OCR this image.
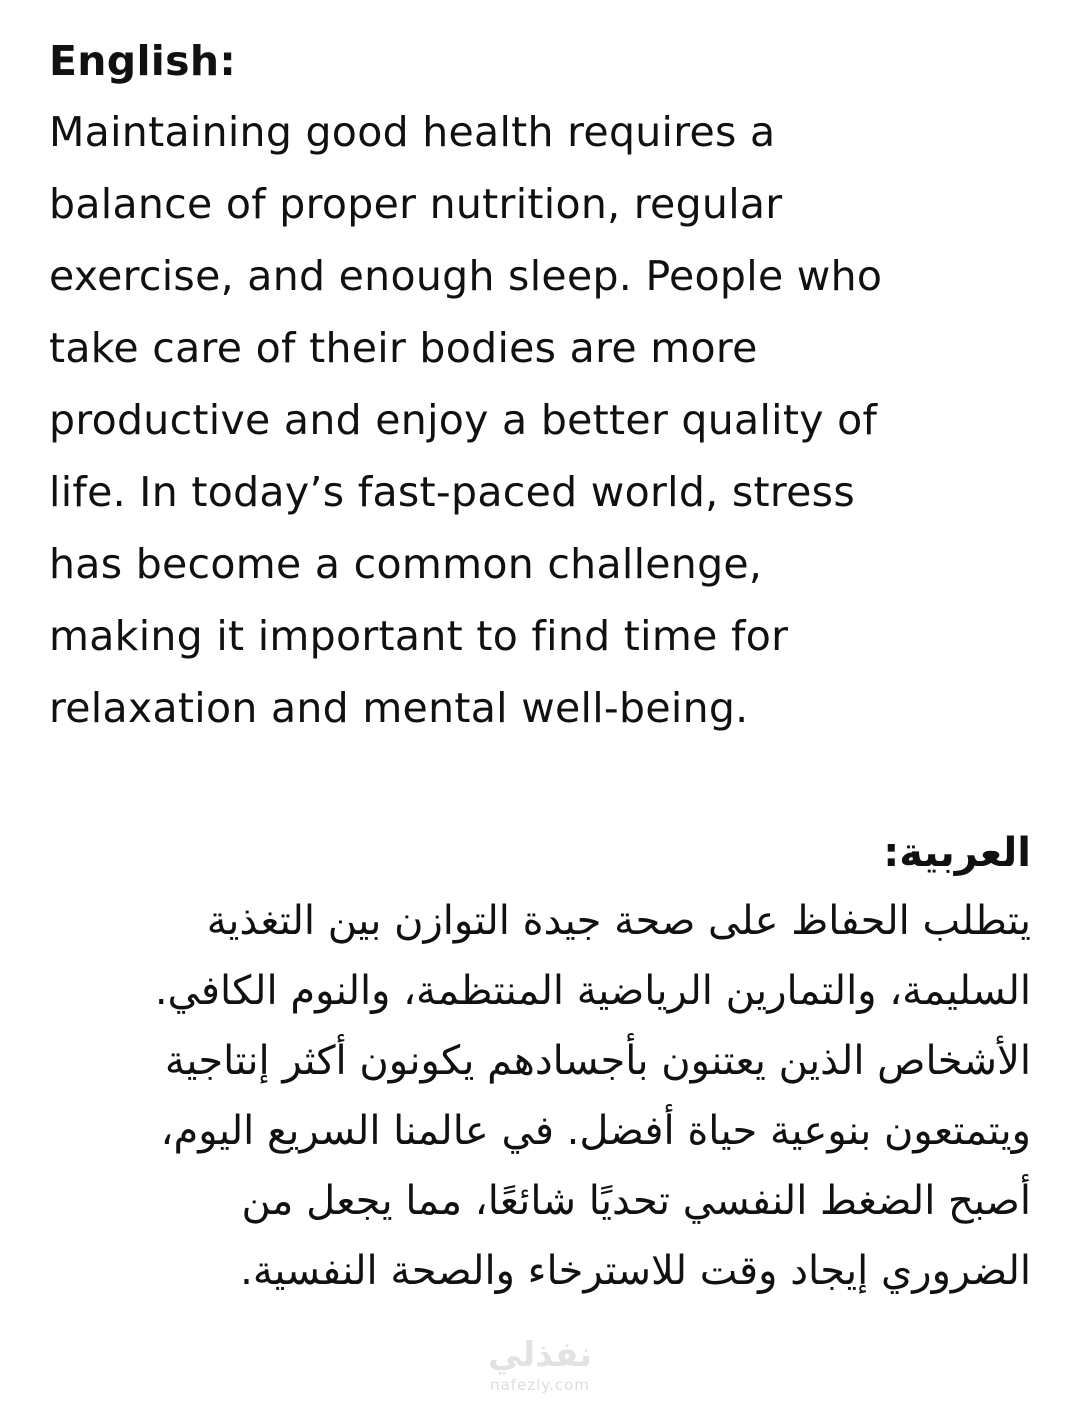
English:

Maintaining good health requires a

balance of proper nutrition, regular

exercise, and enough sleep. People who

take care of their bodies are more

productive and enjoy a better quality of

life. In today’s fast-paced world, stress

has become a common challenge,

making it important to find time for

relaxation and mental well-being.

العربية:

يتطلب الحفاظ على صحة جيدة التوازن بين التغذية

السليمة، والتمارين الرياضية المنتظمة، والنوم الكافي.

الأشخاص الذين يعتنون بأجسادهم يكونون أكثر إنتاجية

ويتمتعون بنوعية حياة أفضل. في عالمنا السريع اليوم،

أصبح الضغط النفسي تحديًا شائعًا، مما يجعل من

الضروري إيجاد وقت للاسترخاء والصحة النفسية.

نفذلي
nafezly.com
